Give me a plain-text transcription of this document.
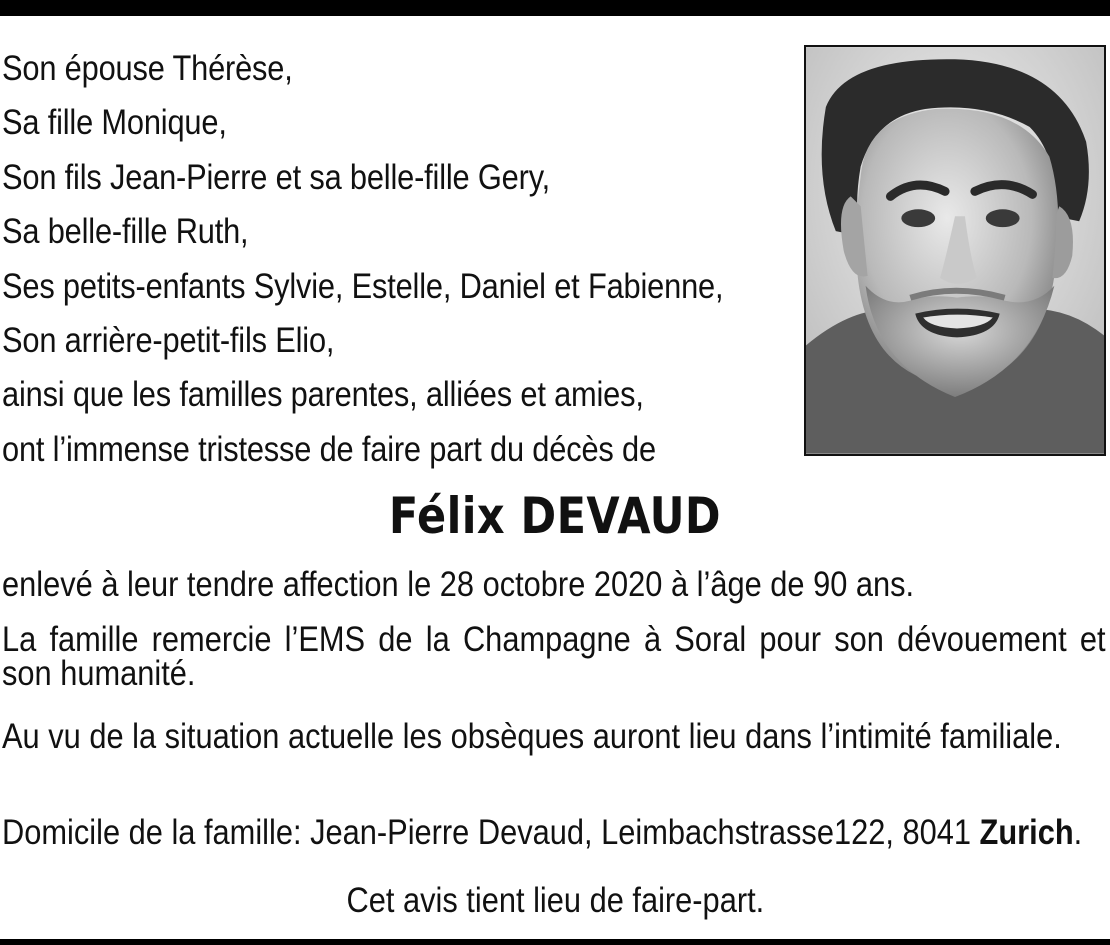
Son épouse Thérèse,
Sa fille Monique,
Son fils Jean-Pierre et sa belle-fille Gery,
Sa belle-fille Ruth,
Ses petits-enfants Sylvie, Estelle, Daniel et Fabienne,
Son arrière-petit-fils Elio,
ainsi que les familles parentes, alliées et amies,
ont l’immense tristesse de faire part du décès de
Félix DEVAUD
enlevé à leur tendre affection le 28 octobre 2020 à l’âge de 90 ans.
La famille remercie l’EMS de la Champagne à Soral pour son dévouement et son humanité.
Au vu de la situation actuelle les obsèques auront lieu dans l’intimité familiale.
Domicile de la famille: Jean-Pierre Devaud, Leimbachstrasse122, 8041 Zurich.
Cet avis tient lieu de faire-part.
